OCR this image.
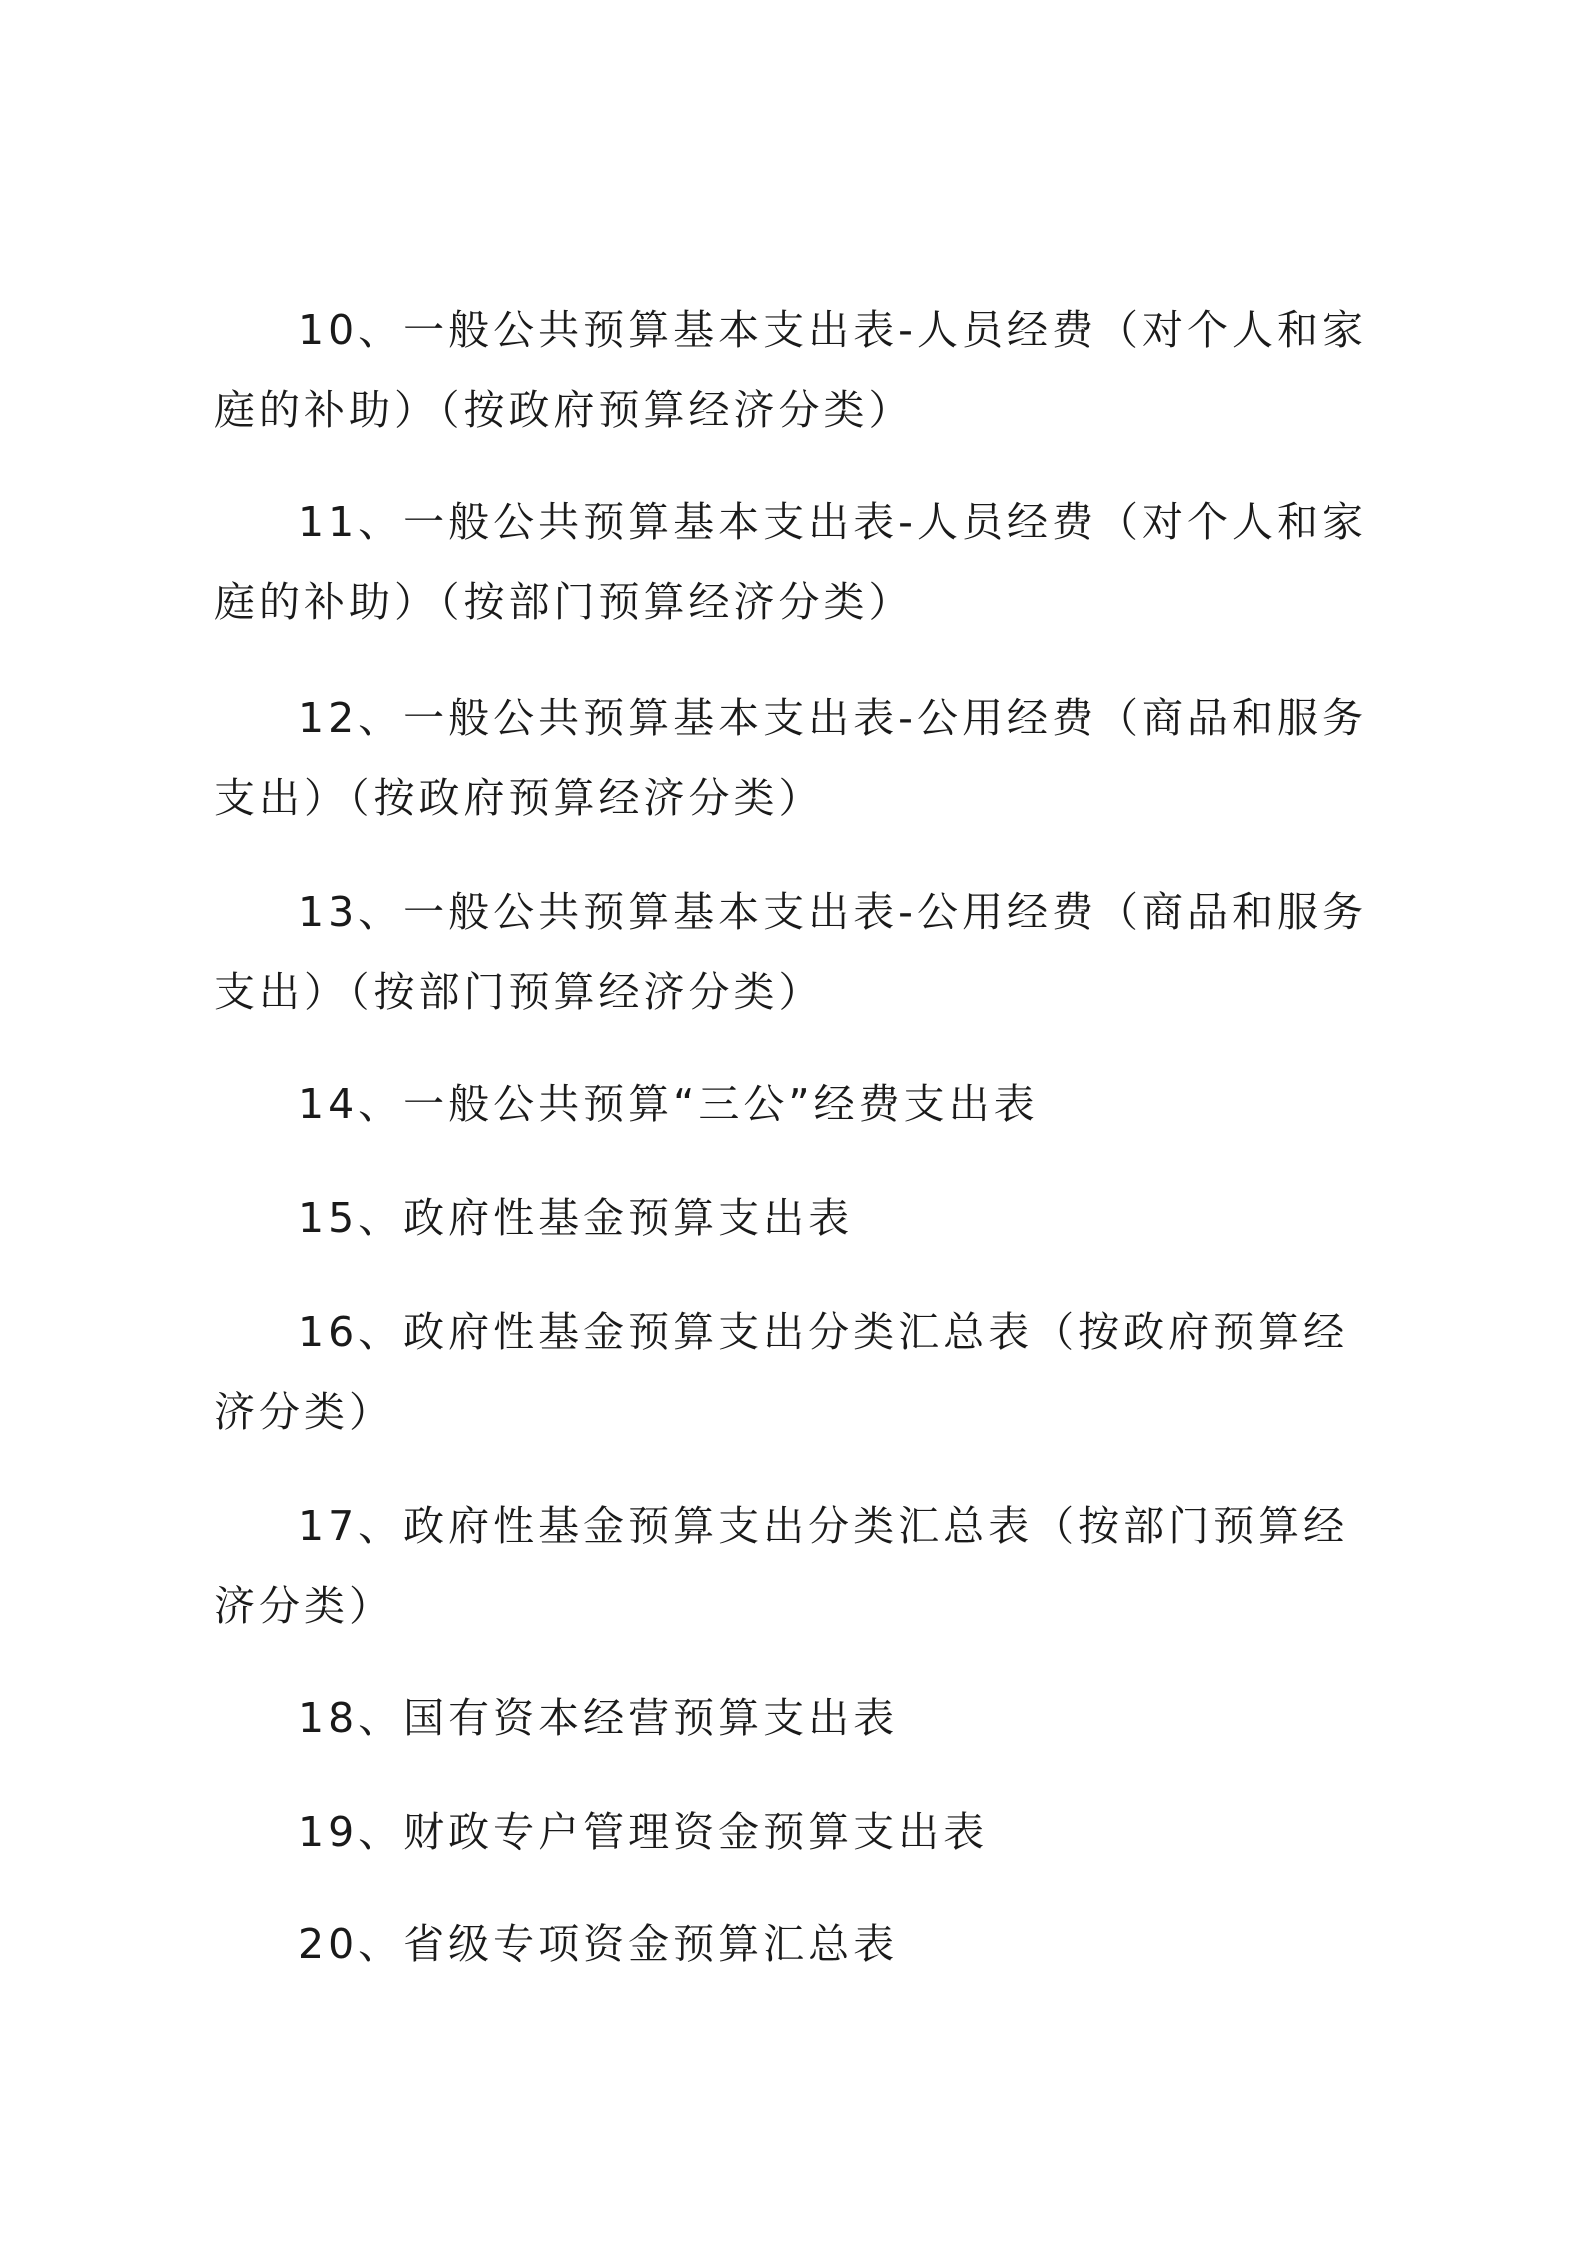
10、一般公共预算基本支出表-人员经费（对个人和家庭的补助）（按政府预算经济分类）

11、一般公共预算基本支出表-人员经费（对个人和家庭的补助）（按部门预算经济分类）

12、一般公共预算基本支出表-公用经费（商品和服务支出）（按政府预算经济分类）

13、一般公共预算基本支出表-公用经费（商品和服务支出）（按部门预算经济分类）

14、一般公共预算“三公”经费支出表

15、政府性基金预算支出表

16、政府性基金预算支出分类汇总表（按政府预算经济分类）

17、政府性基金预算支出分类汇总表（按部门预算经济分类）

18、国有资本经营预算支出表

19、财政专户管理资金预算支出表

20、省级专项资金预算汇总表
